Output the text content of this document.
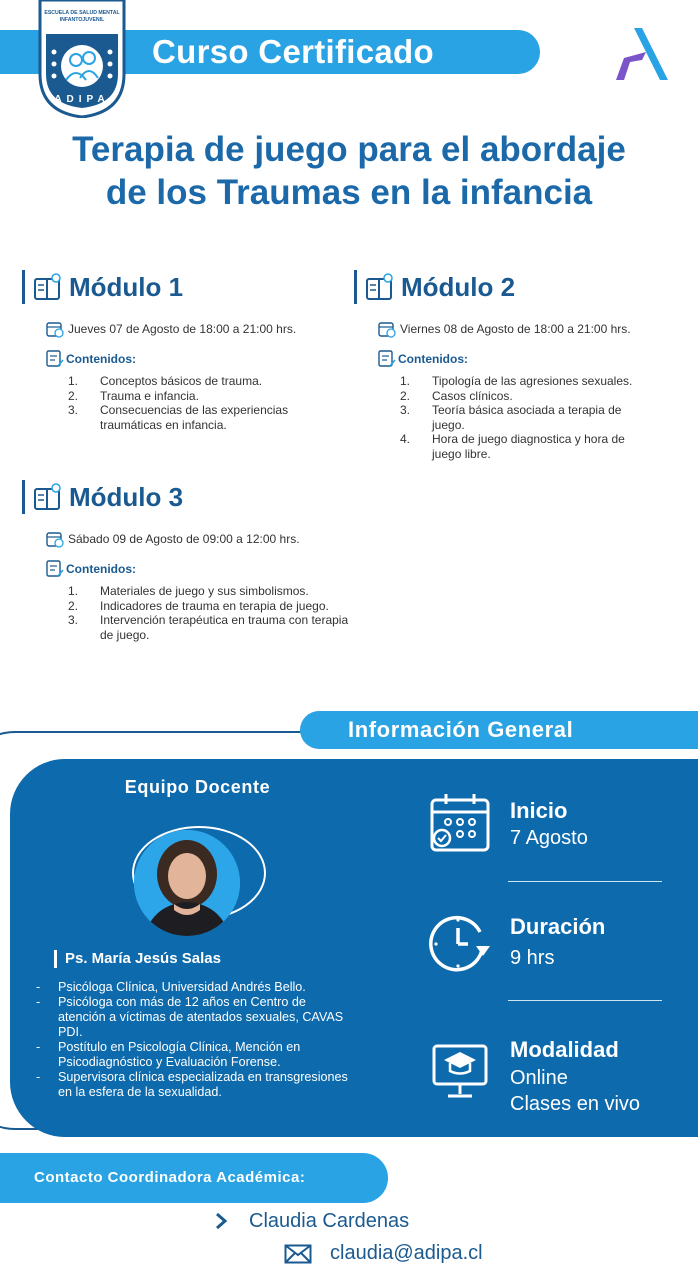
Curso Certificado
ESCUELA DE SALUD MENTAL
INFANTOJUVENIL
ADIPA
Terapia de juego para el abordaje
de los Traumas en la infancia
Módulo 1
Jueves 07 de Agosto de 18:00 a 21:00 hrs.
Contenidos:
1.	Conceptos básicos de trauma.
2.	Trauma e infancia.
3.	Consecuencias de las experiencias traumáticas en infancia.
Módulo 2
Viernes 08 de Agosto de 18:00 a 21:00 hrs.
Contenidos:
1.	Tipología de las agresiones sexuales.
2.	Casos clínicos.
3.	Teoría básica asociada a terapia de juego.
4.	Hora de juego diagnostica y hora de juego libre.
Módulo 3
Sábado 09 de Agosto de 09:00 a 12:00 hrs.
Contenidos:
1.	Materiales de juego y sus simbolismos.
2.	Indicadores de trauma en terapia de juego.
3.	Intervención terapéutica en trauma con terapia de juego.
Información General
Equipo Docente
Ps. María Jesús Salas
-	Psicóloga Clínica, Universidad Andrés Bello.
-	Psicóloga con más de 12 años en Centro de atención a víctimas de atentados sexuales, CAVAS PDI.
-	Postítulo en Psicología Clínica, Mención en Psicodiagnóstico y Evaluación Forense.
-	Supervisora clínica especializada en transgresiones en la esfera de la sexualidad.
Inicio
7 Agosto
Duración
9 hrs
Modalidad
Online
Clases en vivo
Contacto Coordinadora Académica:
Claudia Cardenas
claudia@adipa.cl
